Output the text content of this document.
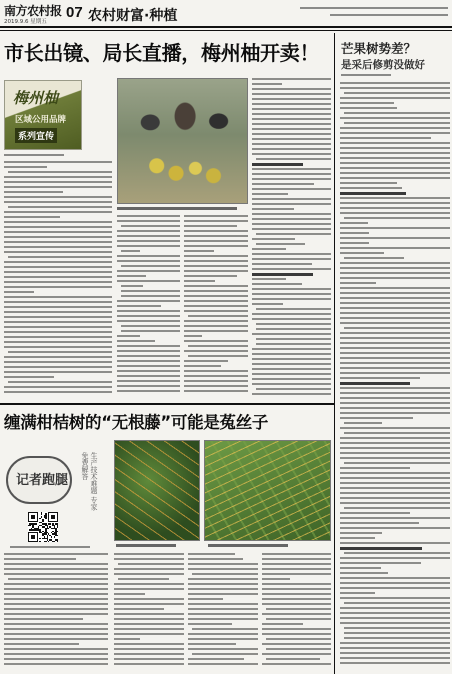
南方农村报
2019.9.6 星期五
07 农村财富·种植
市长出镜、局长直播，梅州柚开卖！
梅州柚
区域公用品牌
系列宣传
芒果树势差？
是采后修剪没做好
缠满柑桔树的“无根藤”可能是菟丝子
记者跑腿	生产技术难题 专家免费解答
